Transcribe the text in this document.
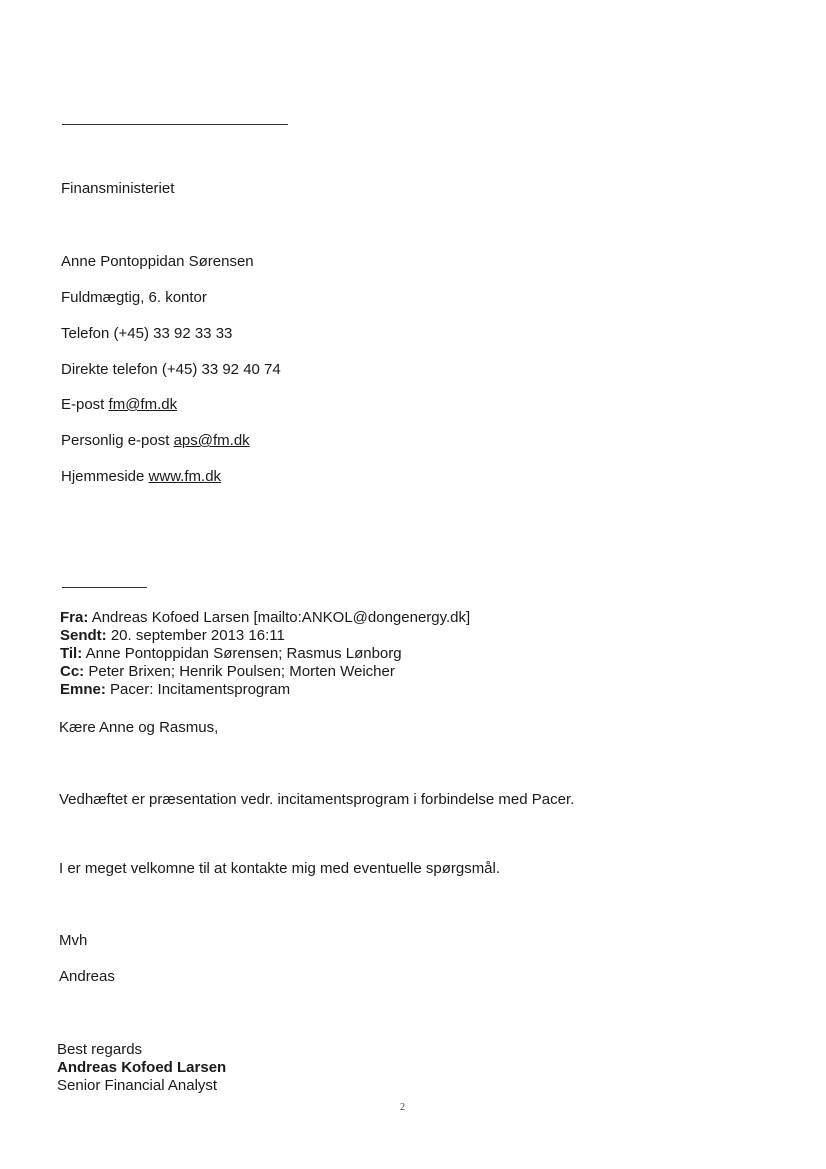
Finansministeriet
Anne Pontoppidan Sørensen
Fuldmægtig, 6. kontor
Telefon (+45) 33 92 33 33
Direkte telefon (+45) 33 92 40 74
E-post fm@fm.dk
Personlig e-post aps@fm.dk
Hjemmeside www.fm.dk
Fra: Andreas Kofoed Larsen [mailto:ANKOL@dongenergy.dk]
Sendt: 20. september 2013 16:11
Til: Anne Pontoppidan Sørensen; Rasmus Lønborg
Cc: Peter Brixen; Henrik Poulsen; Morten Weicher
Emne: Pacer: Incitamentsprogram
Kære Anne og Rasmus,
Vedhæftet er præsentation vedr. incitamentsprogram i forbindelse med Pacer.
I er meget velkomne til at kontakte mig med eventuelle spørgsmål.
Mvh
Andreas
Best regards
Andreas Kofoed Larsen
Senior Financial Analyst
2
